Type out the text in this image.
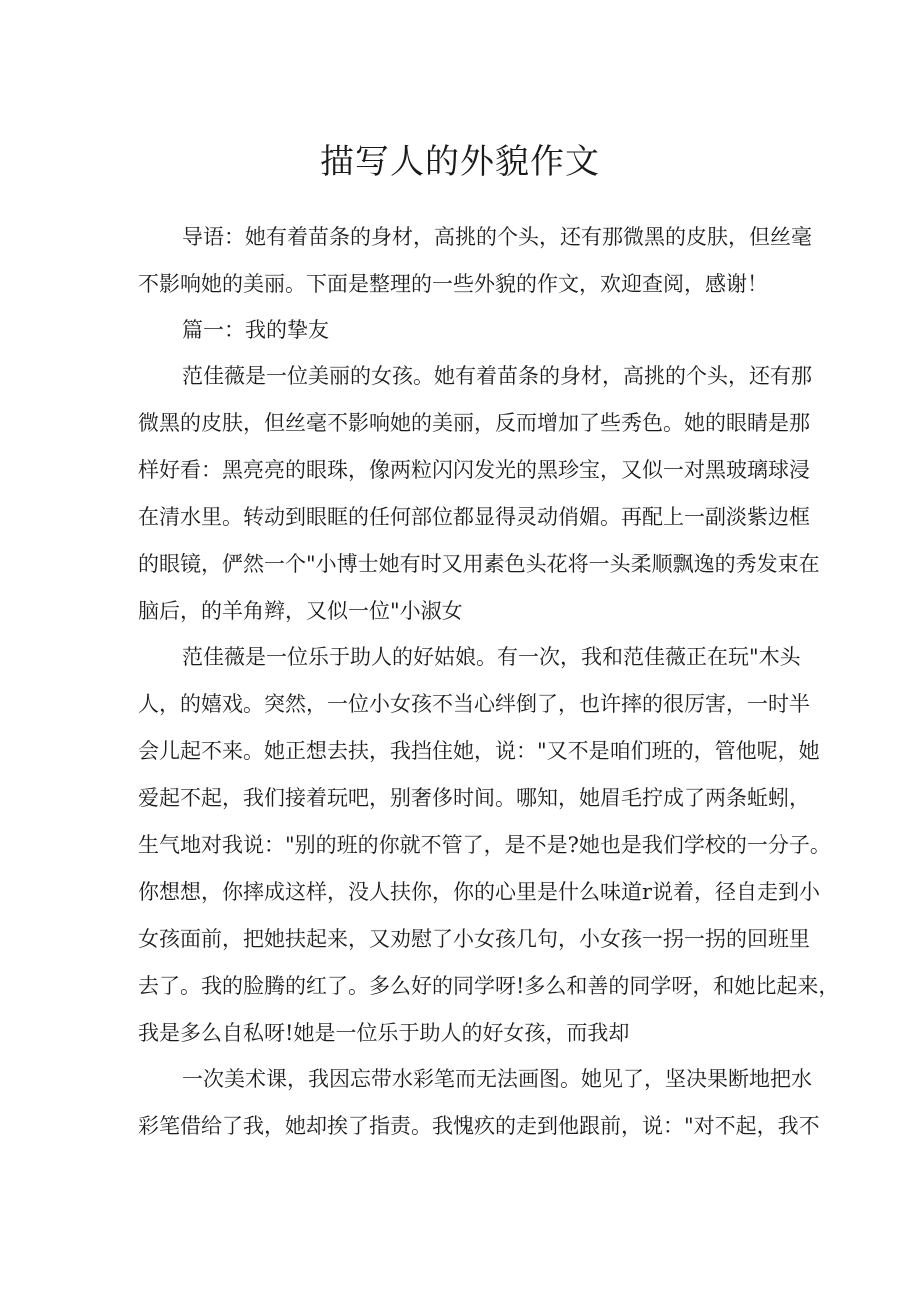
描写人的外貌作文

导语：她有着苗条的身材，高挑的个头，还有那微黑的皮肤，但丝毫
不影响她的美丽。下面是整理的一些外貌的作文，欢迎查阅，感谢！

篇一：我的挚友

范佳薇是一位美丽的女孩。她有着苗条的身材，高挑的个头，还有那
微黑的皮肤，但丝毫不影响她的美丽，反而增加了些秀色。她的眼睛是那
样好看：黑亮亮的眼珠，像两粒闪闪发光的黑珍宝，又似一对黑玻璃球浸
在清水里。转动到眼眶的任何部位都显得灵动俏媚。再配上一副淡紫边框
的眼镜，俨然一个"小博士她有时又用素色头花将一头柔顺飘逸的秀发束在
脑后，的羊角辫，又似一位"小淑女

范佳薇是一位乐于助人的好姑娘。有一次，我和范佳薇正在玩"木头
人，的嬉戏。突然，一位小女孩不当心绊倒了，也许摔的很厉害，一时半
会儿起不来。她正想去扶，我挡住她，说："又不是咱们班的，管他呢，她
爱起不起，我们接着玩吧，别奢侈时间。哪知，她眉毛拧成了两条蚯蚓，
生气地对我说："别的班的你就不管了，是不是?她也是我们学校的一分子。
你想想，你摔成这样，没人扶你，你的心里是什么味道r说着，径自走到小
女孩面前，把她扶起来，又劝慰了小女孩几句，小女孩一拐一拐的回班里
去了。我的脸腾的红了。多么好的同学呀!多么和善的同学呀，和她比起来，
我是多么自私呀!她是一位乐于助人的好女孩，而我却

一次美术课，我因忘带水彩笔而无法画图。她见了，坚决果断地把水
彩笔借给了我，她却挨了指责。我愧疚的走到他跟前，说："对不起，我不
